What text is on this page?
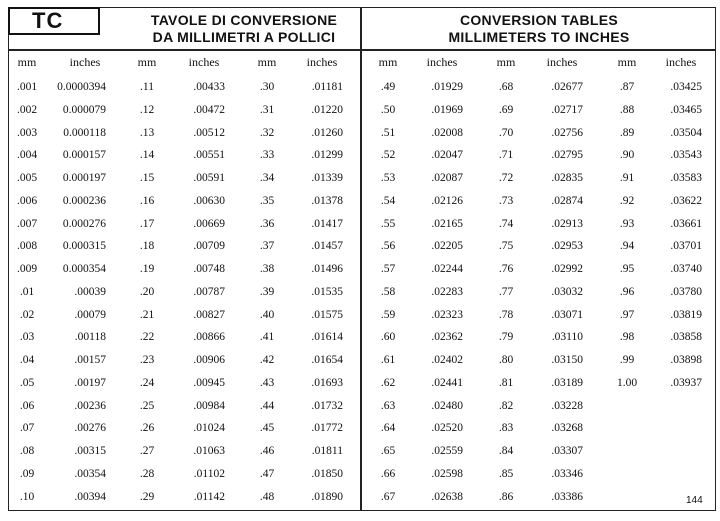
TC	TAVOLE DI CONVERSIONE
DA MILLIMETRI A POLLICI
CONVERSION TABLES
MILLIMETERS TO INCHES
mm	inches
.001 0.0000394
.002 0.000079
.003 0.000118
.004 0.000157
.005 0.000197
.006 0.000236
.007 0.000276
.008 0.000315
.009 0.000354
.01	.00039
.02	.00079
.03	.00118
.04	.00157
.05	.00197
.06	.00236
.07	.00276
.08	.00315
.09	.00354
.10	.00394
mm	inches
.11	.00433
.12	.00472
.13	.00512
.14	.00551
.15	.00591
.16	.00630
.17	.00669
.18	.00709
.19	.00748
.20	.00787
.21	.00827
.22	.00866
.23	.00906
.24	.00945
.25	.00984
.26	.01024
.27	.01063
.28	.01102
.29	.01142
mm	inches
.30	.01181
.31	.01220
.32	.01260
.33	.01299
.34	.01339
.35	.01378
.36	.01417
.37	.01457
.38	.01496
.39	.01535
.40	.01575
.41	.01614
.42	.01654
.43	.01693
.44	.01732
.45	.01772
.46	.01811
.47	.01850
.48	.01890
mm inches
.49	.01929
.50	.01969
.51	.02008
.52	.02047
.53	.02087
.54	.02126
.55	.02165
.56	.02205
.57	.02244
.58	.02283
.59	.02323
.60	.02362
.61	.02402
.62	.02441
.63	.02480
.64	.02520
.65	.02559
.66	.02598
.67	.02638
mm	inches
.68	.02677
.69	.02717
.70	.02756
.71	.02795
.72	.02835
.73	.02874
.74	.02913
.75	.02953
.76	.02992
.77	.03032
.78	.03071
.79	.03110
.80	.03150
.81	.03189
.82	.03228
.83	.03268
.84	.03307
.85	.03346
.86	.03386
mm inches
.87	.03425
.88	.03465
.89	.03504
.90	.03543
.91	.03583
.92	.03622
.93	.03661
.94	.03701
.95	.03740
.96	.03780
.97	.03819
.98	.03858
.99	.03898
1.00	.03937
144
